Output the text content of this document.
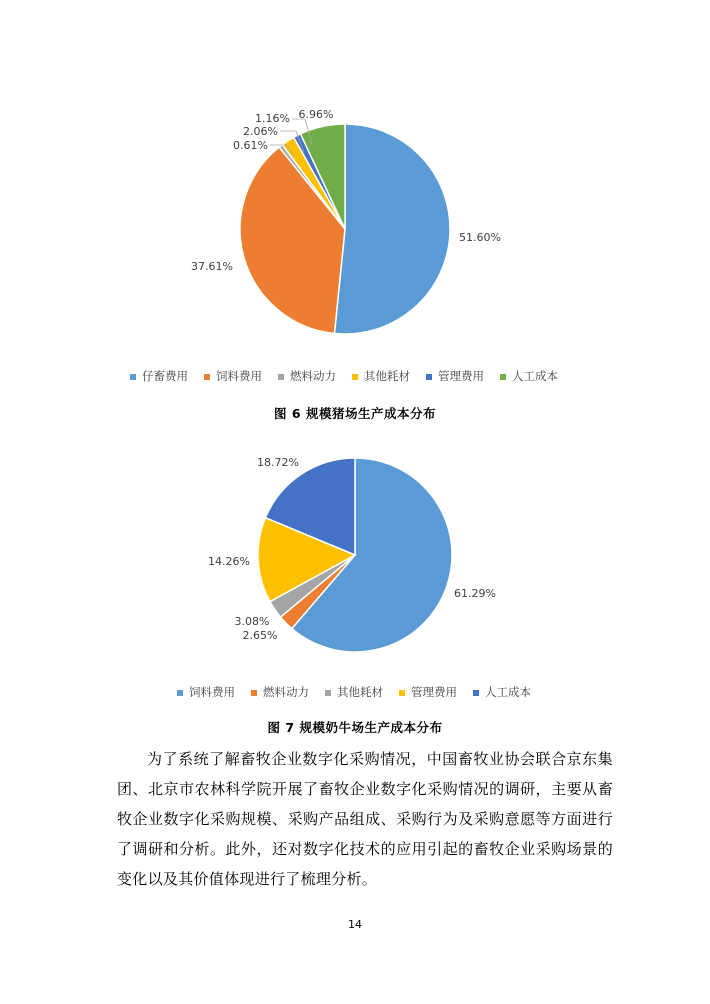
51.60%
37.61%
0.61%
2.06%
1.16% 6.96%
仔畜费用 饲料费用 燃料动力 其他耗材 管理费用 人工成本
图 6 规模猪场生产成本分布
61.29%
2.65%
3.08%
14.26%
18.72%
饲料费用 燃料动力 其他耗材 管理费用 人工成本
图 7 规模奶牛场生产成本分布

为了系统了解畜牧企业数字化采购情况，中国畜牧业协会联合京东集团、北京市农林科学院开展了畜牧企业数字化采购情况的调研，主要从畜牧企业数字化采购规模、采购产品组成、采购行为及采购意愿等方面进行了调研和分析。此外，还对数字化技术的应用引起的畜牧企业采购场景的变化以及其价值体现进行了梳理分析。

14
